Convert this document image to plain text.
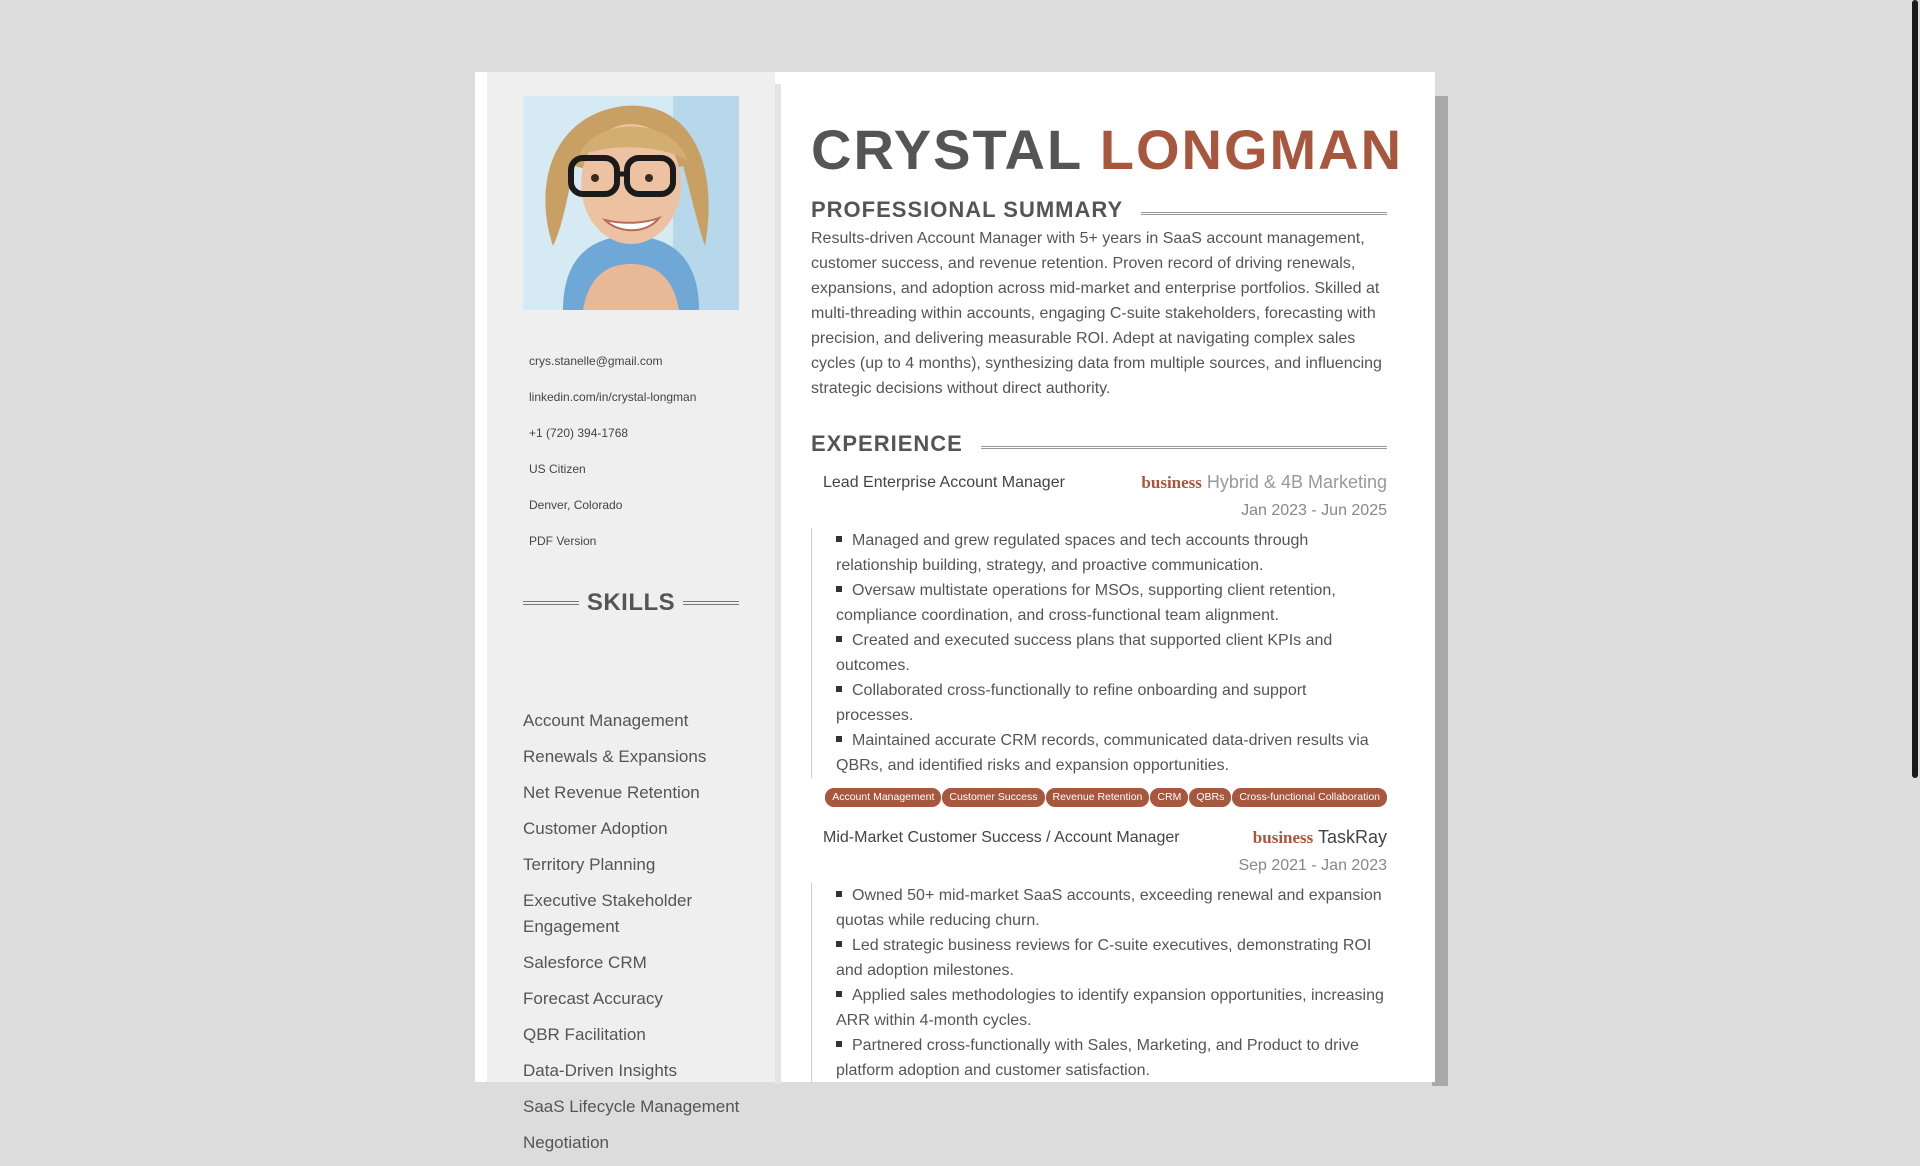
crys.stanelle@gmail.com
linkedin.com/in/crystal-longman
+1 (720) 394-1768
US Citizen
Denver, Colorado
PDF Version
SKILLS
Account Management
Renewals & Expansions
Net Revenue Retention
Customer Adoption
Territory Planning
Executive Stakeholder Engagement
Salesforce CRM
Forecast Accuracy
QBR Facilitation
Data-Driven Insights
SaaS Lifecycle Management
Negotiation
CRYSTAL LONGMAN
PROFESSIONAL SUMMARY

Results-driven Account Manager with 5+ years in SaaS account management, customer success, and revenue retention. Proven record of driving renewals, expansions, and adoption across mid-market and enterprise portfolios. Skilled at multi-threading within accounts, engaging C-suite stakeholders, forecasting with precision, and delivering measurable ROI. Adept at navigating complex sales cycles (up to 4 months), synthesizing data from multiple sources, and influencing strategic decisions without direct authority.

EXPERIENCE
Lead Enterprise Account Manager	business Hybrid & 4B Marketing
Jan 2023 - Jun 2025
Managed and grew regulated spaces and tech accounts through relationship building, strategy, and proactive communication.
Oversaw multistate operations for MSOs, supporting client retention, compliance coordination, and cross-functional team alignment.
Created and executed success plans that supported client KPIs and outcomes.
Collaborated cross-functionally to refine onboarding and support processes.
Maintained accurate CRM records, communicated data-driven results via QBRs, and identified risks and expansion opportunities.
Account Management	Customer Success	Revenue Retention	CRM	QBRs	Cross-functional Collaboration
Mid-Market Customer Success / Account Manager	business TaskRay
Sep 2021 - Jan 2023
Owned 50+ mid-market SaaS accounts, exceeding renewal and expansion quotas while reducing churn.
Led strategic business reviews for C-suite executives, demonstrating ROI and adoption milestones.
Applied sales methodologies to identify expansion opportunities, increasing ARR within 4-month cycles.
Partnered cross-functionally with Sales, Marketing, and Product to drive platform adoption and customer satisfaction.
